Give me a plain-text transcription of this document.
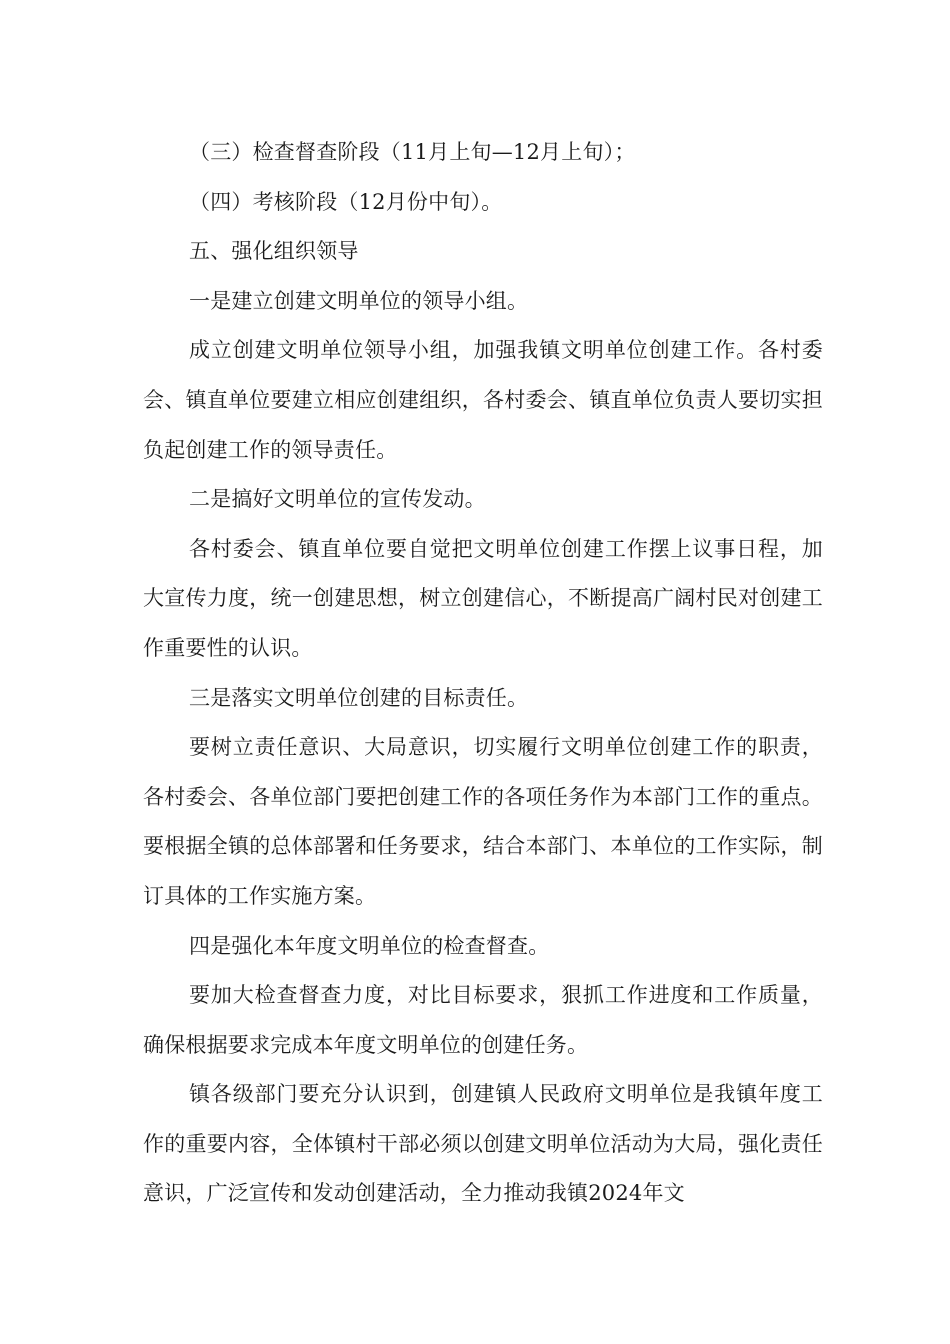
（三）检查督查阶段（11月上旬—12月上旬）；

（四）考核阶段（12月份中旬）。

五、强化组织领导

一是建立创建文明单位的领导小组。

成立创建文明单位领导小组，加强我镇文明单位创建工作。各村委会、镇直单位要建立相应创建组织，各村委会、镇直单位负责人要切实担负起创建工作的领导责任。

二是搞好文明单位的宣传发动。

各村委会、镇直单位要自觉把文明单位创建工作摆上议事日程，加大宣传力度，统一创建思想，树立创建信心，不断提高广阔村民对创建工作重要性的认识。

三是落实文明单位创建的目标责任。

要树立责任意识、大局意识，切实履行文明单位创建工作的职责，各村委会、各单位部门要把创建工作的各项任务作为本部门工作的重点。要根据全镇的总体部署和任务要求，结合本部门、本单位的工作实际，制订具体的工作实施方案。

四是强化本年度文明单位的检查督查。

要加大检查督查力度，对比目标要求，狠抓工作进度和工作质量，确保根据要求完成本年度文明单位的创建任务。

镇各级部门要充分认识到，创建镇人民政府文明单位是我镇年度工作的重要内容，全体镇村干部必须以创建文明单位活动为大局，强化责任意识，广泛宣传和发动创建活动，全力推动我镇2024年文
